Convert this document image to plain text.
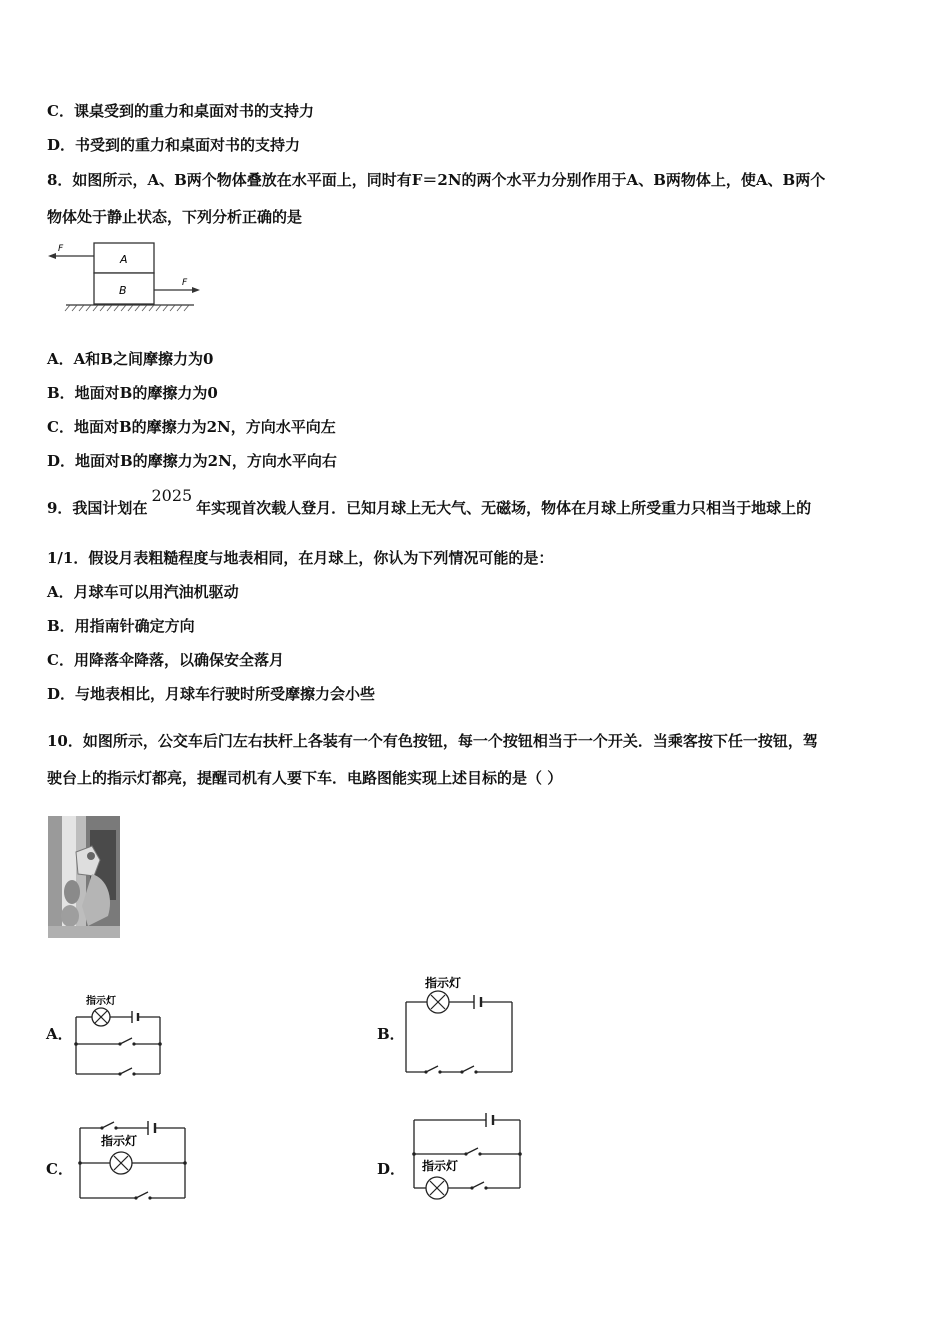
C．课桌受到的重力和桌面对书的支持力
D．书受到的重力和桌面对书的支持力
8．如图所示，A、B两个物体叠放在水平面上，同时有F＝2N的两个水平力分别作用于A、B两物体上，使A、B两个
物体处于静止状态，下列分析正确的是
A
B
F
F
A．A和B之间摩擦力为0
B．地面对B的摩擦力为0
C．地面对B的摩擦力为2N，方向水平向左
D．地面对B的摩擦力为2N，方向水平向右
9．我国计划在2025年实现首次载人登月．已知月球上无大气、无磁场，物体在月球上所受重力只相当于地球上的
1/1．假设月表粗糙程度与地表相同，在月球上，你认为下列情况可能的是：
A．月球车可以用汽油机驱动
B．用指南针确定方向
C．用降落伞降落，以确保安全落月
D．与地表相比，月球车行驶时所受摩擦力会小些
10．如图所示，公交车后门左右扶杆上各装有一个有色按钮，每一个按钮相当于一个开关．当乘客按下任一按钮，驾
驶台上的指示灯都亮，提醒司机有人要下车．电路图能实现上述目标的是（ ）
A．
指示灯
B．
指示灯
C．
指示灯
D． 指示灯
